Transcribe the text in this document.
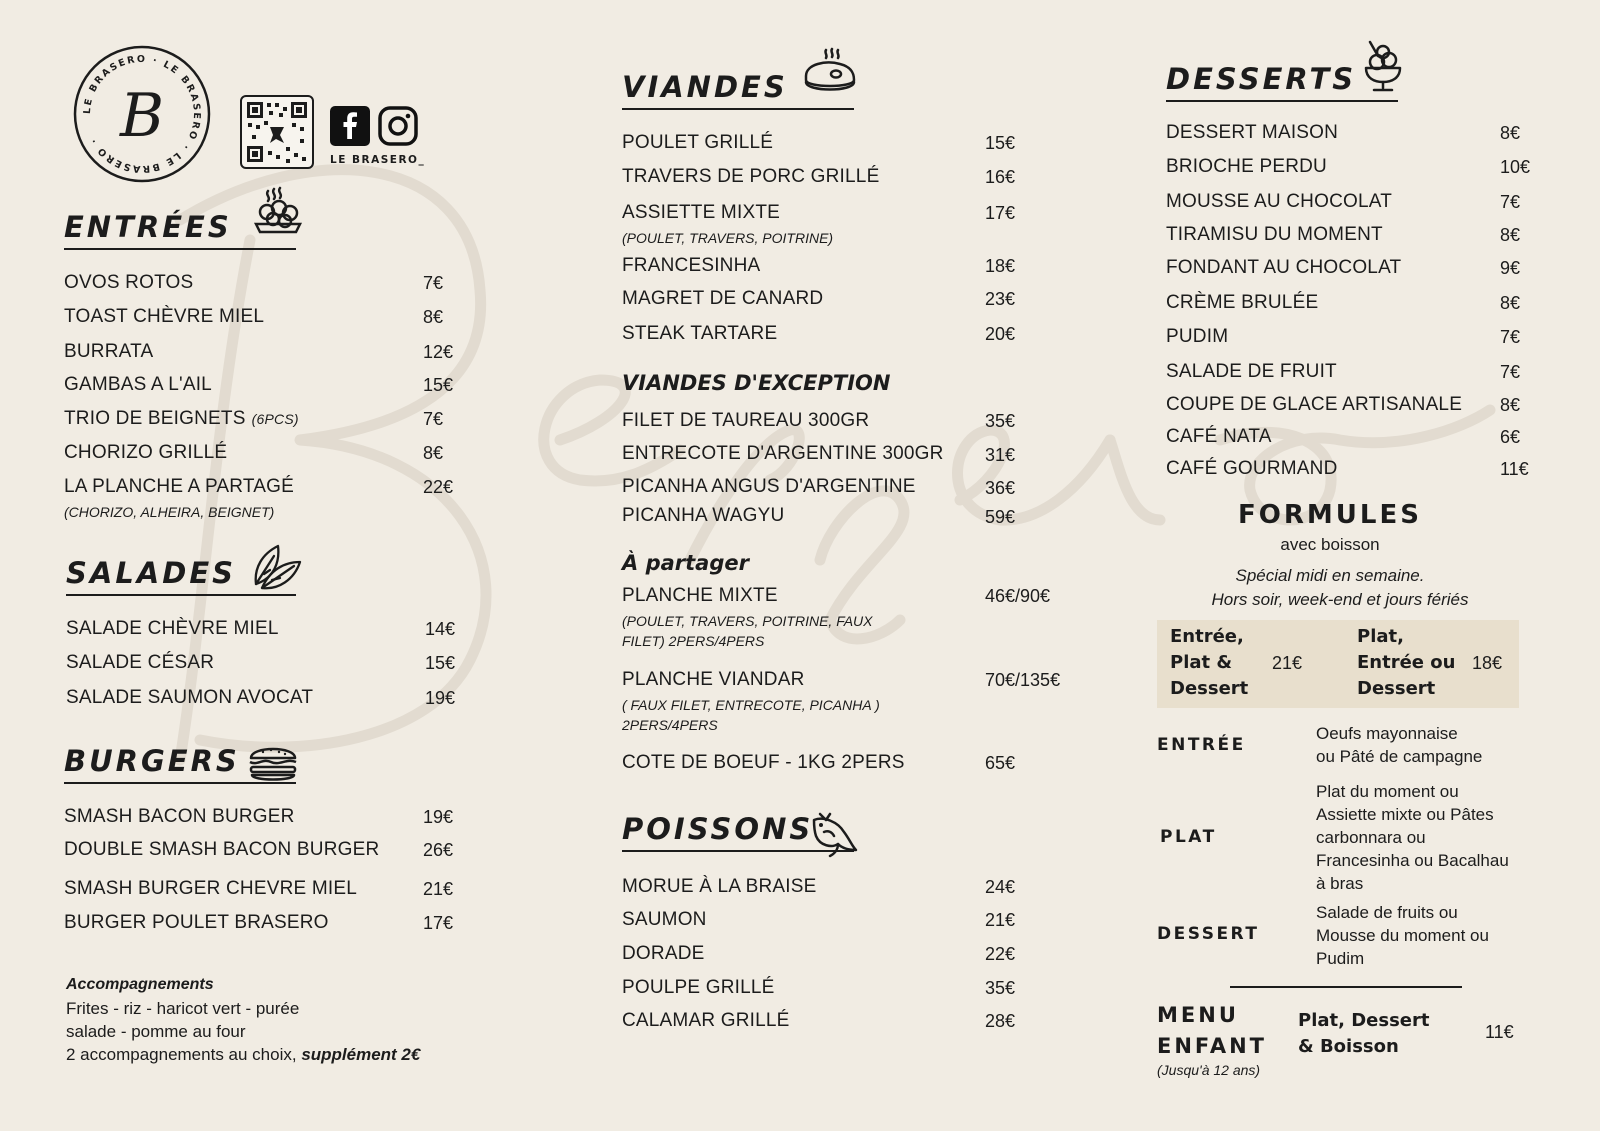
LE BRASERO · LE BRASERO · LE BRASERO · B
LE BRASERO_
ENTRÉES
OVOS ROTOS	7€
TOAST CHÈVRE MIEL	8€
BURRATA	12€
GAMBAS A L'AIL	15€
TRIO DE BEIGNETS (6PCS)	7€
CHORIZO GRILLÉ	8€
LA PLANCHE A PARTAGÉ	22€
(CHORIZO, ALHEIRA, BEIGNET)
SALADES
SALADE CHÈVRE MIEL	14€
SALADE CÉSAR	15€
SALADE SAUMON AVOCAT	19€
BURGERS
SMASH BACON BURGER	19€
DOUBLE SMASH BACON BURGER 26€
SMASH BURGER CHEVRE MIEL	21€
BURGER POULET BRASERO	17€
Accompagnements
Frites - riz - haricot vert - purée
salade - pomme au four
2 accompagnements au choix, supplément 2€
VIANDES
POULET GRILLÉ	15€
TRAVERS DE PORC GRILLÉ	16€
ASSIETTE MIXTE	17€
(POULET, TRAVERS, POITRINE)
FRANCESINHA	18€
MAGRET DE CANARD	23€
STEAK TARTARE	20€
VIANDES D'EXCEPTION
FILET DE TAUREAU 300GR	35€
ENTRECOTE D'ARGENTINE 300GR 31€
PICANHA ANGUS D'ARGENTINE	36€
PICANHA WAGYU	59€
À partager
PLANCHE MIXTE	46€/90€
(POULET, TRAVERS, POITRINE, FAUX
FILET) 2PERS/4PERS
PLANCHE VIANDAR	70€/135€
( FAUX FILET, ENTRECOTE, PICANHA )
2PERS/4PERS
COTE DE BOEUF - 1KG 2PERS	65€
POISSONS
MORUE À LA BRAISE	24€
SAUMON	21€
DORADE	22€
POULPE GRILLÉ	35€
CALAMAR GRILLÉ	28€
DESSERTS
DESSERT MAISON	8€
BRIOCHE PERDU	10€
MOUSSE AU CHOCOLAT	7€
TIRAMISU DU MOMENT	8€
FONDANT AU CHOCOLAT	9€
CRÈME BRULÉE	8€
PUDIM	7€
SALADE DE FRUIT	7€
COUPE DE GLACE ARTISANALE 8€
CAFÉ NATA	6€
CAFÉ GOURMAND	11€
FORMULES
avec boisson
Spécial midi en semaine.
Hors soir, week-end et jours fériés
Entrée,
Plat &
Dessert
21€
Plat,
Entrée ou
Dessert
18€
ENTRÉE
Oeufs mayonnaise
ou Pâté de campagne
PLAT
Plat du moment ou
Assiette mixte ou Pâtes
carbonnara ou
Francesinha ou Bacalhau
à bras
DESSERT
Salade de fruits ou
Mousse du moment ou
Pudim
MENU
ENFANT
(Jusqu'à 12 ans)
Plat, Dessert
& Boisson
11€
